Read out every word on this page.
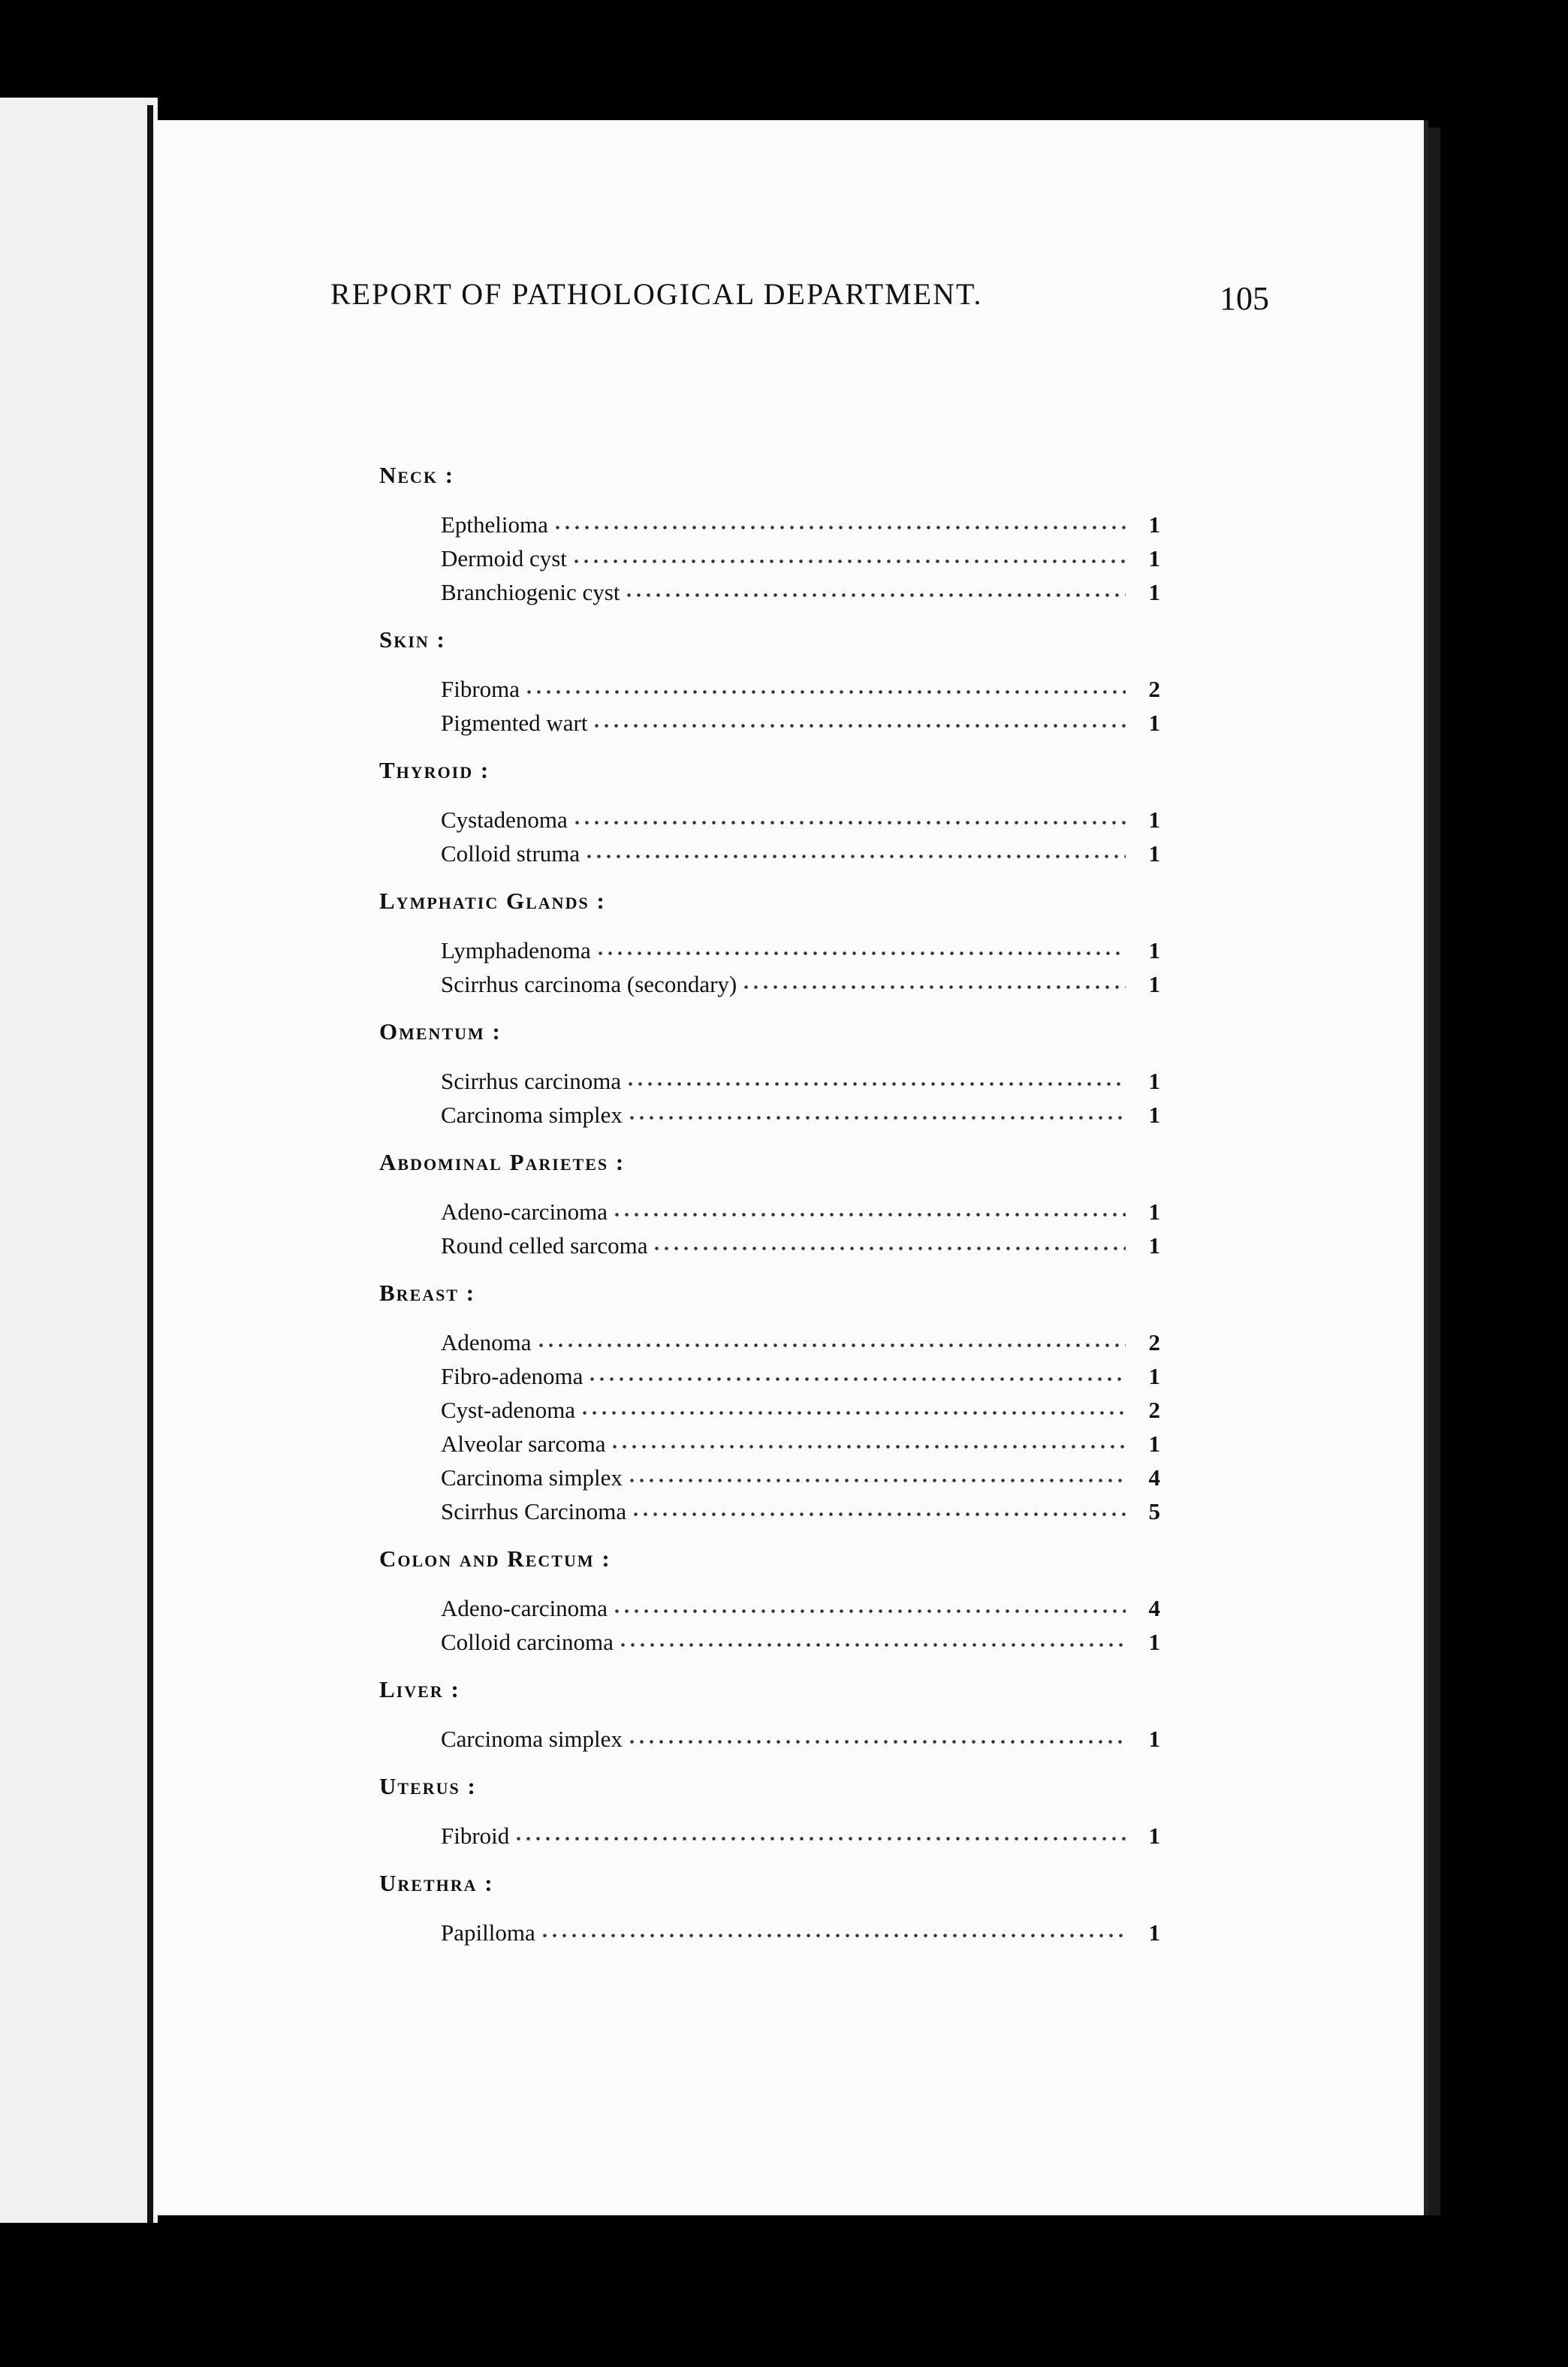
REPORT OF PATHOLOGICAL DEPARTMENT.	105
Neck :
Epthelioma	1
Dermoid cyst	1
Branchiogenic cyst	1
Skin :
Fibroma	2
Pigmented wart	1
Thyroid :
Cystadenoma	1
Colloid struma	1
Lymphatic Glands :
Lymphadenoma	1
Scirrhus carcinoma (secondary)	1
Omentum :
Scirrhus carcinoma	1
Carcinoma simplex	1
Abdominal Parietes :
Adeno-carcinoma	1
Round celled sarcoma	1
Breast :
Adenoma	2
Fibro-adenoma	1
Cyst-adenoma	2
Alveolar sarcoma	1
Carcinoma simplex	4
Scirrhus Carcinoma	5
Colon and Rectum :
Adeno-carcinoma	4
Colloid carcinoma	1
Liver :
Carcinoma simplex	1
Uterus :
Fibroid	1
Urethra :
Papilloma	1
